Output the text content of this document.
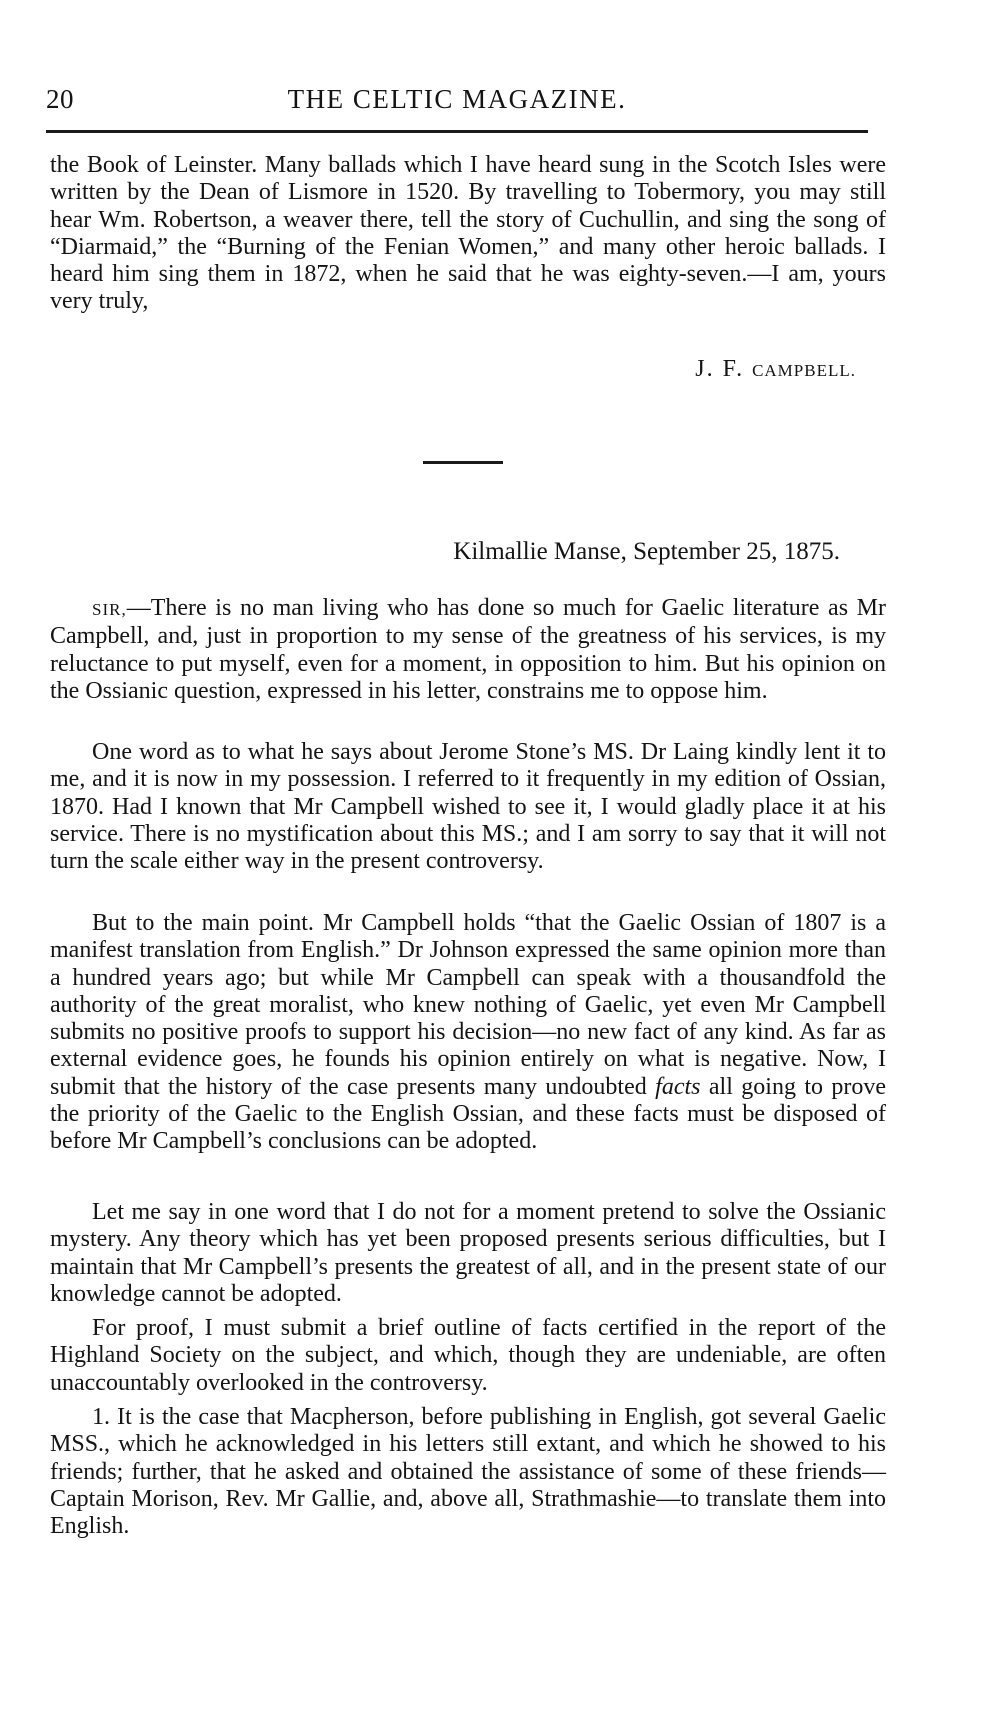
20	THE CELTIC MAGAZINE.

the Book of Leinster. Many ballads which I have heard sung in the Scotch Isles were written by the Dean of Lismore in 1520. By travelling to Tobermory, you may still hear Wm. Robertson, a weaver there, tell the story of Cuchullin, and sing the song of “Diarmaid,” the “Burning of the Fenian Women,” and many other heroic ballads. I heard him sing them in 1872, when he said that he was eighty-seven.—I am, yours very truly,

J. F. CAMPBELL.
Kilmallie Manse, September 25, 1875.

SIR,—There is no man living who has done so much for Gaelic literature as Mr Campbell, and, just in proportion to my sense of the greatness of his services, is my reluctance to put myself, even for a moment, in opposition to him. But his opinion on the Ossianic question, expressed in his letter, constrains me to oppose him.

One word as to what he says about Jerome Stone’s MS. Dr Laing kindly lent it to me, and it is now in my possession. I referred to it frequently in my edition of Ossian, 1870. Had I known that Mr Campbell wished to see it, I would gladly place it at his service. There is no mystification about this MS.; and I am sorry to say that it will not turn the scale either way in the present controversy.

But to the main point. Mr Campbell holds “that the Gaelic Ossian of 1807 is a manifest translation from English.” Dr Johnson expressed the same opinion more than a hundred years ago; but while Mr Campbell can speak with a thousandfold the authority of the great moralist, who knew nothing of Gaelic, yet even Mr Campbell submits no positive proofs to support his decision—no new fact of any kind. As far as external evidence goes, he founds his opinion entirely on what is negative. Now, I submit that the history of the case presents many undoubted facts all going to prove the priority of the Gaelic to the English Ossian, and these facts must be disposed of before Mr Campbell’s conclusions can be adopted.

Let me say in one word that I do not for a moment pretend to solve the Ossianic mystery. Any theory which has yet been proposed presents serious difficulties, but I maintain that Mr Campbell’s presents the greatest of all, and in the present state of our knowledge cannot be adopted.

For proof, I must submit a brief outline of facts certified in the report of the Highland Society on the subject, and which, though they are undeniable, are often unaccountably overlooked in the controversy.

1. It is the case that Macpherson, before publishing in English, got several Gaelic MSS., which he acknowledged in his letters still extant, and which he showed to his friends; further, that he asked and obtained the assistance of some of these friends—Captain Morison, Rev. Mr Gallie, and, above all, Strathmashie—to translate them into English.
